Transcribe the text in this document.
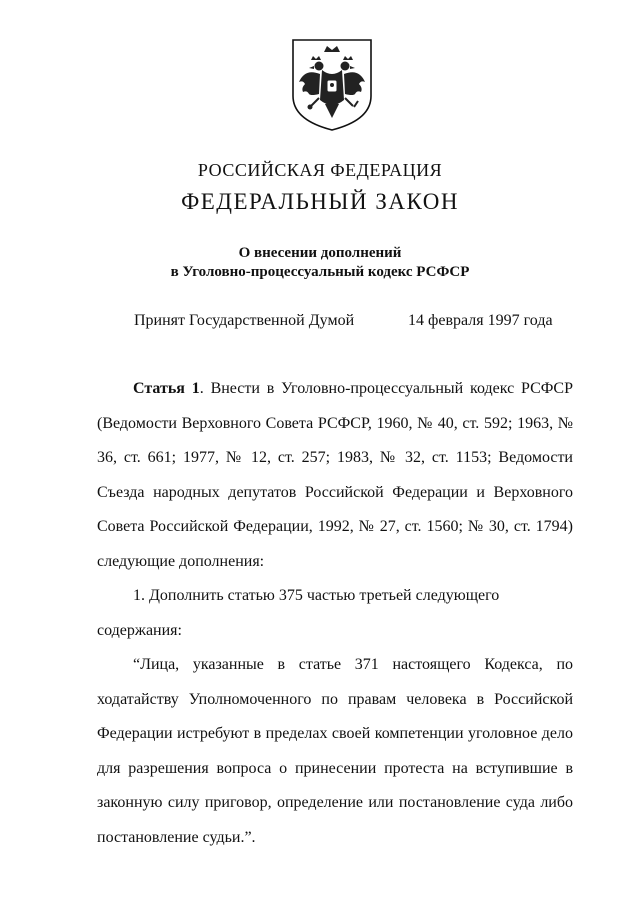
РОССИЙСКАЯ ФЕДЕРАЦИЯ
ФЕДЕРАЛЬНЫЙ ЗАКОН
О внесении дополнений
в Уголовно-процессуальный кодекс РСФСР
Принят Государственной Думой	14 февраля 1997 года

Статья 1. Внести в Уголовно-процессуальный кодекс РСФСР (Ведомости Верховного Совета РСФСР, 1960, № 40, ст. 592; 1963, № 36, ст. 661; 1977, № 12, ст. 257; 1983, № 32, ст. 1153; Ведомости Съезда народных депутатов Российской Федерации и Верховного Совета Российской Федерации, 1992, № 27, ст. 1560; № 30, ст. 1794) следующие дополнения:

1. Дополнить статью 375 частью третьей следующего содержания:

“Лица, указанные в статье 371 настоящего Кодекса, по ходатайству Уполномоченного по правам человека в Российской Федерации истребуют в пределах своей компетенции уголовное дело для разрешения вопроса о принесении протеста на вступившие в законную силу приговор, определение или постановление суда либо постановление судьи.”.
